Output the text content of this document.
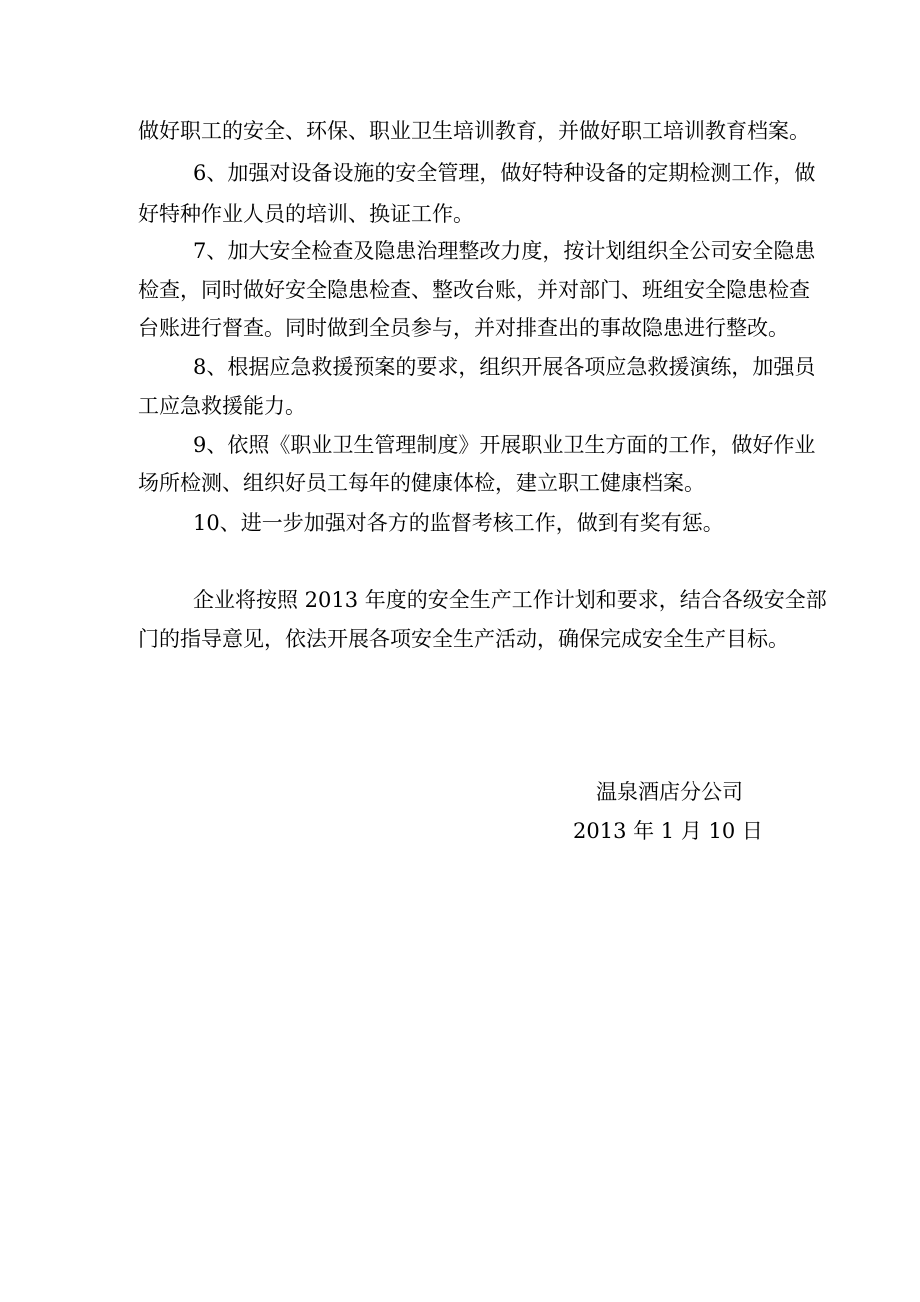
做好职工的安全、环保、职业卫生培训教育，并做好职工培训教育档案。
6、加强对设备设施的安全管理，做好特种设备的定期检测工作，做
好特种作业人员的培训、换证工作。
7、加大安全检查及隐患治理整改力度，按计划组织全公司安全隐患
检查，同时做好安全隐患检查、整改台账，并对部门、班组安全隐患检查
台账进行督查。同时做到全员参与，并对排查出的事故隐患进行整改。
8、根据应急救援预案的要求，组织开展各项应急救援演练，加强员
工应急救援能力。
9、依照《职业卫生管理制度》开展职业卫生方面的工作，做好作业
场所检测、组织好员工每年的健康体检，建立职工健康档案。
10、进一步加强对各方的监督考核工作，做到有奖有惩。
企业将按照 2013 年度的安全生产工作计划和要求，结合各级安全部
门的指导意见，依法开展各项安全生产活动，确保完成安全生产目标。
温泉酒店分公司
2013 年 1 月 10 日
